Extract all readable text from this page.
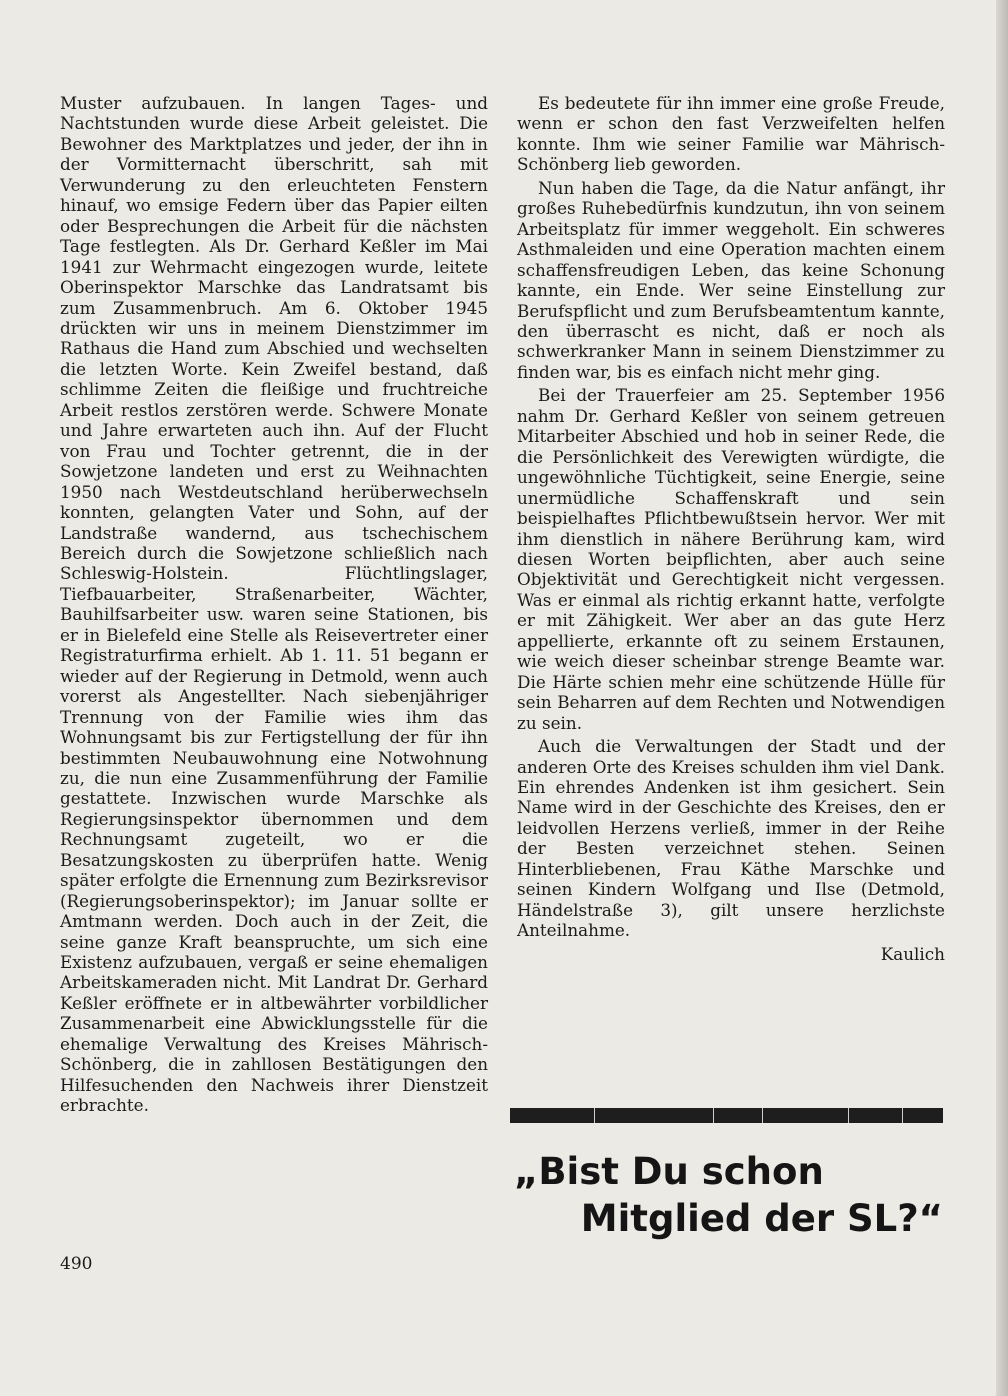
Muster aufzubauen. In langen Tages- und Nachtstunden wurde diese Arbeit geleistet. Die Bewohner des Marktplatzes und jeder, der ihn in der Vormitternacht überschritt, sah mit Verwunderung zu den erleuchteten Fenstern hinauf, wo emsige Federn über das Papier eilten oder Besprechungen die Arbeit für die nächsten Tage festlegten. Als Dr. Gerhard Keßler im Mai 1941 zur Wehrmacht eingezogen wurde, leitete Oberinspektor Marschke das Landratsamt bis zum Zusammenbruch. Am 6. Oktober 1945 drückten wir uns in meinem Dienstzimmer im Rathaus die Hand zum Abschied und wechselten die letzten Worte. Kein Zweifel bestand, daß schlimme Zeiten die fleißige und fruchtreiche Arbeit restlos zerstören werde. Schwere Monate und Jahre erwarteten auch ihn. Auf der Flucht von Frau und Tochter getrennt, die in der Sowjetzone landeten und erst zu Weihnachten 1950 nach Westdeutschland herüberwechseln konnten, gelangten Vater und Sohn, auf der Landstraße wandernd, aus tschechischem Bereich durch die Sowjetzone schließlich nach Schleswig-Holstein. Flüchtlingslager, Tiefbauarbeiter, Straßenarbeiter, Wächter, Bauhilfsarbeiter usw. waren seine Stationen, bis er in Bielefeld eine Stelle als Reisevertreter einer Registraturfirma erhielt. Ab 1. 11. 51 begann er wieder auf der Regierung in Detmold, wenn auch vorerst als Angestellter. Nach siebenjähriger Trennung von der Familie wies ihm das Wohnungsamt bis zur Fertigstellung der für ihn bestimmten Neubauwohnung eine Notwohnung zu, die nun eine Zusammenführung der Familie gestattete. Inzwischen wurde Marschke als Regierungsinspektor übernommen und dem Rechnungsamt zugeteilt, wo er die Besatzungskosten zu überprüfen hatte. Wenig später erfolgte die Ernennung zum Bezirksrevisor (Regierungsoberinspektor); im Januar sollte er Amtmann werden. Doch auch in der Zeit, die seine ganze Kraft beanspruchte, um sich eine Existenz aufzubauen, vergaß er seine ehemaligen Arbeitskameraden nicht. Mit Landrat Dr. Gerhard Keßler eröffnete er in altbewährter vorbildlicher Zusammenarbeit eine Abwicklungsstelle für die ehemalige Verwaltung des Kreises Mährisch-Schönberg, die in zahllosen Bestätigungen den Hilfesuchenden den Nachweis ihrer Dienstzeit erbrachte.

Es bedeutete für ihn immer eine große Freude, wenn er schon den fast Verzweifelten helfen konnte. Ihm wie seiner Familie war Mährisch-Schönberg lieb geworden.

Nun haben die Tage, da die Natur anfängt, ihr großes Ruhebedürfnis kundzutun, ihn von seinem Arbeitsplatz für immer weggeholt. Ein schweres Asthmaleiden und eine Operation machten einem schaffensfreudigen Leben, das keine Schonung kannte, ein Ende. Wer seine Einstellung zur Berufspflicht und zum Berufsbeamtentum kannte, den überrascht es nicht, daß er noch als schwerkranker Mann in seinem Dienstzimmer zu finden war, bis es einfach nicht mehr ging.

Bei der Trauerfeier am 25. September 1956 nahm Dr. Gerhard Keßler von seinem getreuen Mitarbeiter Abschied und hob in seiner Rede, die die Persönlichkeit des Verewigten würdigte, die ungewöhnliche Tüchtigkeit, seine Energie, seine unermüdliche Schaffenskraft und sein beispielhaftes Pflichtbewußtsein hervor. Wer mit ihm dienstlich in nähere Berührung kam, wird diesen Worten beipflichten, aber auch seine Objektivität und Gerechtigkeit nicht vergessen. Was er einmal als richtig erkannt hatte, verfolgte er mit Zähigkeit. Wer aber an das gute Herz appellierte, erkannte oft zu seinem Erstaunen, wie weich dieser scheinbar strenge Beamte war. Die Härte schien mehr eine schützende Hülle für sein Beharren auf dem Rechten und Notwendigen zu sein.

Auch die Verwaltungen der Stadt und der anderen Orte des Kreises schulden ihm viel Dank. Ein ehrendes Andenken ist ihm gesichert. Sein Name wird in der Geschichte des Kreises, den er leidvollen Herzens verließ, immer in der Reihe der Besten verzeichnet stehen. Seinen Hinterbliebenen, Frau Käthe Marschke und seinen Kindern Wolfgang und Ilse (Detmold, Händelstraße 3), gilt unsere herzlichste Anteilnahme.

Kaulich

„Bist Du schon
Mitglied der SL?“
490
